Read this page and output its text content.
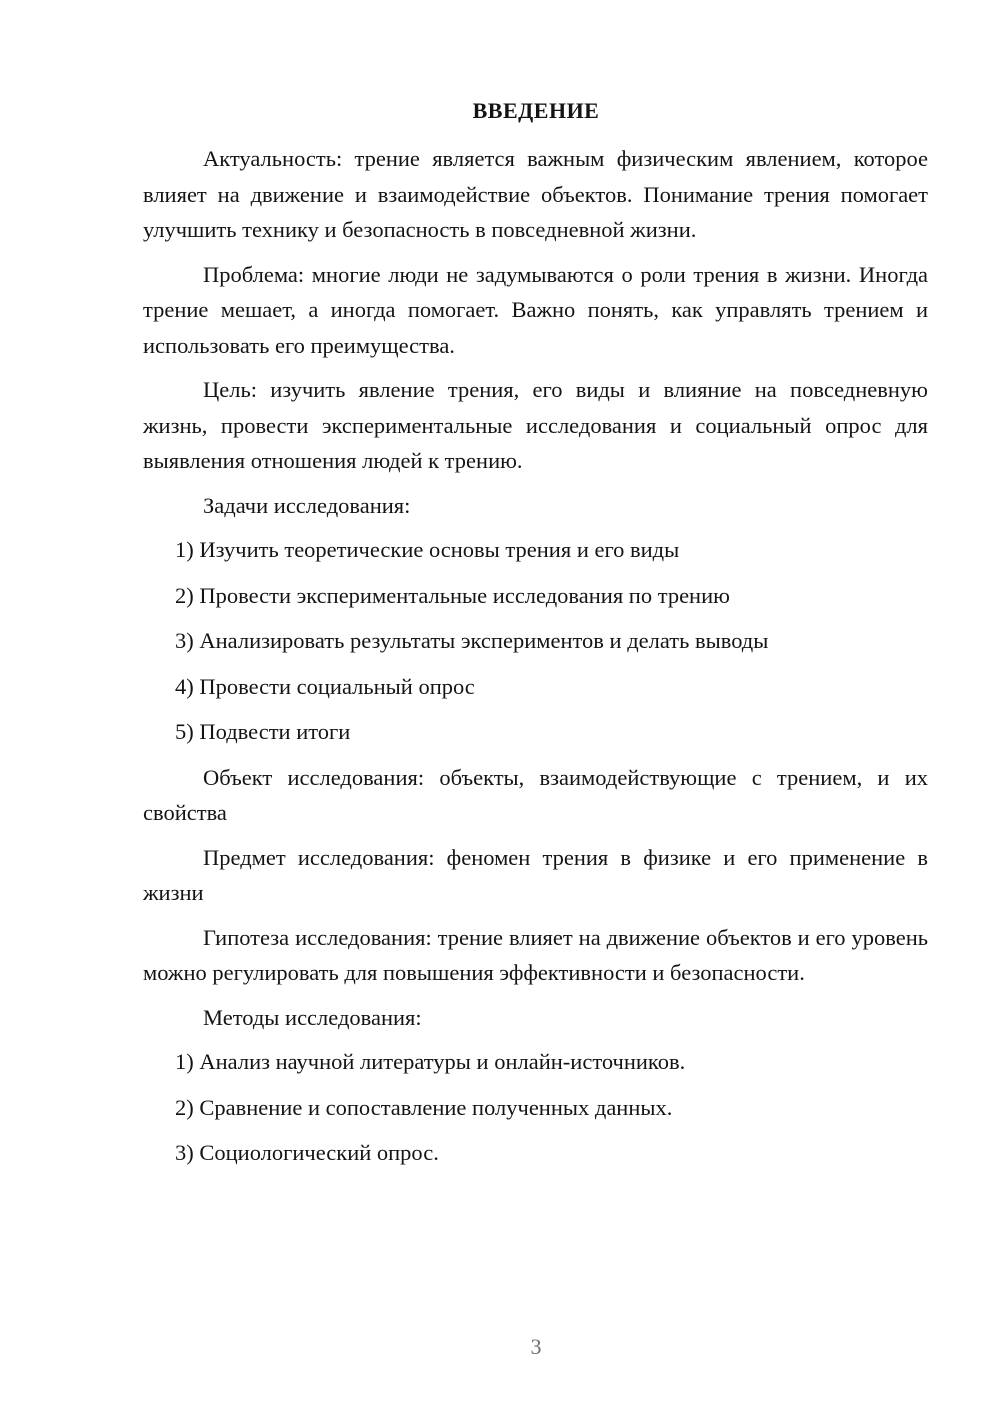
ВВЕДЕНИЕ

Актуальность: трение является важным физическим явлением, которое влияет на движение и взаимодействие объектов. Понимание трения помогает улучшить технику и безопасность в повседневной жизни.

Проблема: многие люди не задумываются о роли трения в жизни. Иногда трение мешает, а иногда помогает. Важно понять, как управлять трением и использовать его преимущества.

Цель: изучить явление трения, его виды и влияние на повседневную жизнь, провести экспериментальные исследования и социальный опрос для выявления отношения людей к трению.

Задачи исследования:

1) Изучить теоретические основы трения и его виды

2) Провести экспериментальные исследования по трению

3) Анализировать результаты экспериментов и делать выводы

4) Провести социальный опрос

5) Подвести итоги

Объект исследования: объекты, взаимодействующие с трением, и их свойства

Предмет исследования: феномен трения в физике и его применение в жизни

Гипотеза исследования: трение влияет на движение объектов и его уровень можно регулировать для повышения эффективности и безопасности.

Методы исследования:

1) Анализ научной литературы и онлайн-источников.

2) Сравнение и сопоставление полученных данных.

3) Социологический опрос.

3
